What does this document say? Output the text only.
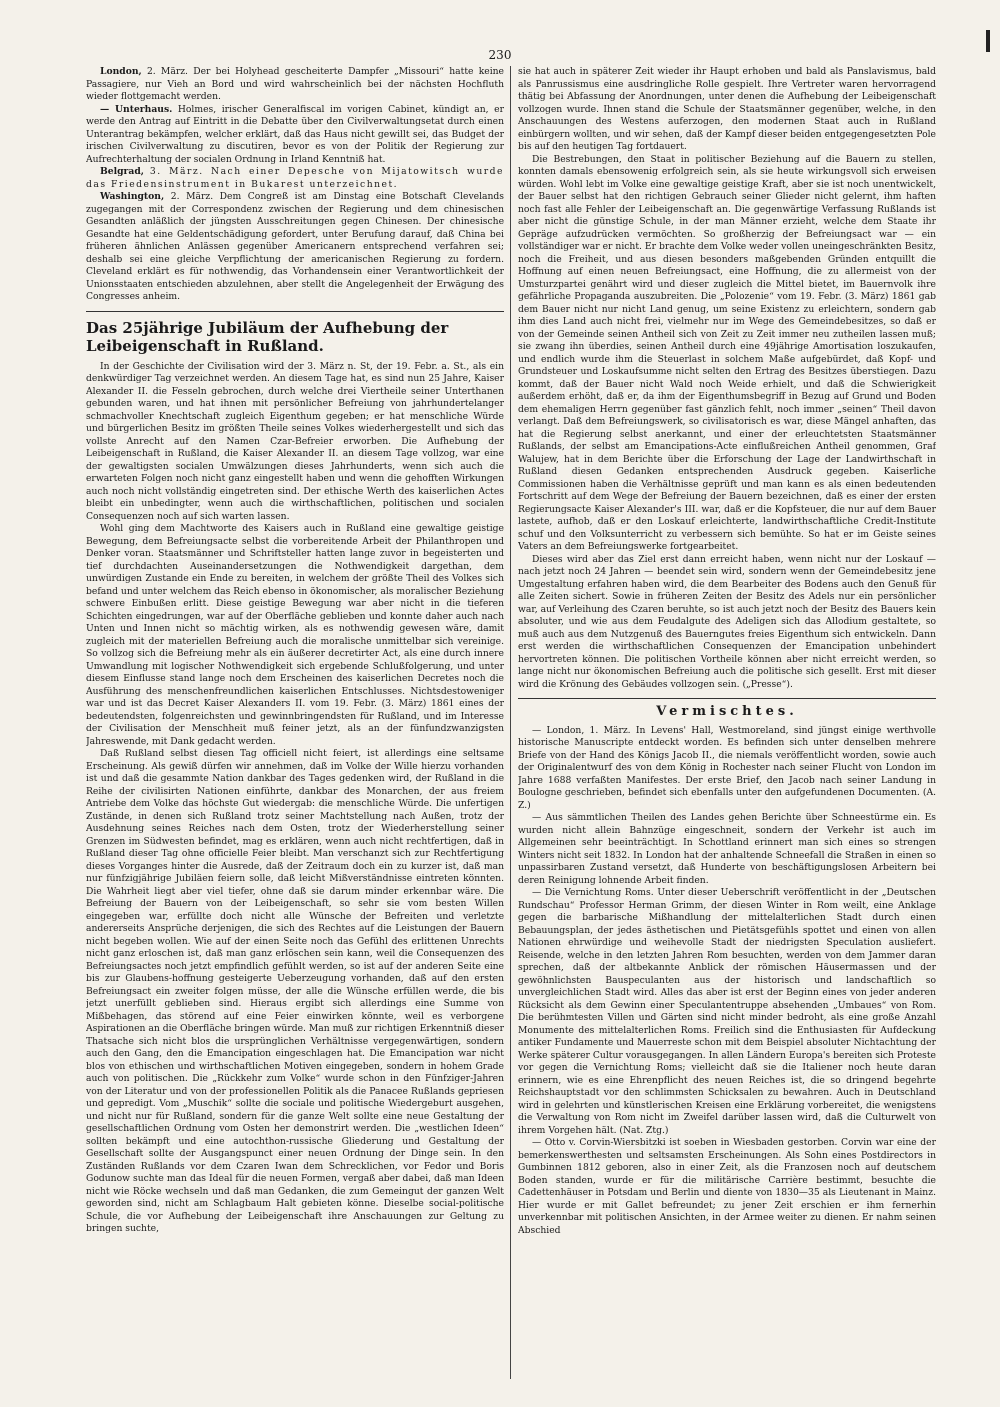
230

London, 2. März. Der bei Holyhead gescheiterte Dampfer „Missouri“ hatte keine Passagiere, nur Vieh an Bord und wird wahrscheinlich bei der nächsten Hochfluth wieder flottgemacht werden.

— Unterhaus. Holmes, irischer Generalfiscal im vorigen Cabinet, kündigt an, er werde den Antrag auf Eintritt in die Debatte über den Civilverwaltungsetat durch einen Unterantrag bekämpfen, welcher erklärt, daß das Haus nicht gewillt sei, das Budget der irischen Civilverwaltung zu discutiren, bevor es von der Politik der Regierung zur Aufrechterhaltung der socialen Ordnung in Irland Kenntniß hat.

Belgrad, 3. März. Nach einer Depesche von Mijatowitsch wurde das Friedensinstrument in Bukarest unterzeichnet.

Washington, 2. März. Dem Congreß ist am Dinstag eine Botschaft Clevelands zugegangen mit der Correspondenz zwischen der Regierung und dem chinesischen Gesandten anläßlich der jüngsten Ausschreitungen gegen Chinesen. Der chinesische Gesandte hat eine Geldentschädigung gefordert, unter Berufung darauf, daß China bei früheren ähnlichen Anlässen gegenüber Americanern entsprechend verfahren sei; deshalb sei eine gleiche Verpflichtung der americanischen Regierung zu fordern. Cleveland erklärt es für nothwendig, das Vorhandensein einer Verantwortlichkeit der Unionsstaaten entschieden abzulehnen, aber stellt die Angelegenheit der Erwägung des Congresses anheim.

Das 25jährige Jubiläum der Aufhebung der Leibeigenschaft in Rußland.

In der Geschichte der Civilisation wird der 3. März n. St, der 19. Febr. a. St., als ein denkwürdiger Tag verzeichnet werden. An diesem Tage hat, es sind nun 25 Jahre, Kaiser Alexander II. die Fesseln gebrochen, durch welche drei Viertheile seiner Unterthanen gebunden waren, und hat ihnen mit persönlicher Befreiung von jahrhundertelanger schmachvoller Knechtschaft zugleich Eigenthum gegeben; er hat menschliche Würde und bürgerlichen Besitz im größten Theile seines Volkes wiederhergestellt und sich das vollste Anrecht auf den Namen Czar-Befreier erworben. Die Aufhebung der Leibeigenschaft in Rußland, die Kaiser Alexander II. an diesem Tage vollzog, war eine der gewaltigsten socialen Umwälzungen dieses Jahrhunderts, wenn sich auch die erwarteten Folgen noch nicht ganz eingestellt haben und wenn die gehofften Wirkungen auch noch nicht vollständig eingetreten sind. Der ethische Werth des kaiserlichen Actes bleibt ein unbedingter, wenn auch die wirthschaftlichen, politischen und socialen Consequenzen noch auf sich warten lassen.

Wohl ging dem Machtworte des Kaisers auch in Rußland eine gewaltige geistige Bewegung, dem Befreiungsacte selbst die vorbereitende Arbeit der Philanthropen und Denker voran. Staatsmänner und Schriftsteller hatten lange zuvor in begeisterten und tief durchdachten Auseinandersetzungen die Nothwendigkeit dargethan, dem unwürdigen Zustande ein Ende zu bereiten, in welchem der größte Theil des Volkes sich befand und unter welchem das Reich ebenso in ökonomischer, als moralischer Beziehung schwere Einbußen erlitt. Diese geistige Bewegung war aber nicht in die tieferen Schichten eingedrungen, war auf der Oberfläche geblieben und konnte daher auch nach Unten und Innen nicht so mächtig wirken, als es nothwendig gewesen wäre, damit zugleich mit der materiellen Befreiung auch die moralische unmittelbar sich vereinige. So vollzog sich die Befreiung mehr als ein äußerer decretirter Act, als eine durch innere Umwandlung mit logischer Nothwendigkeit sich ergebende Schlußfolgerung, und unter diesem Einflusse stand lange noch dem Erscheinen des kaiserlichen Decretes noch die Ausführung des menschenfreundlichen kaiserlichen Entschlusses. Nichtsdestoweniger war und ist das Decret Kaiser Alexanders II. vom 19. Febr. (3. März) 1861 eines der bedeutendsten, folgenreichsten und gewinnbringendsten für Rußland, und im Interesse der Civilisation der Menschheit muß feiner jetzt, als an der fünfundzwanzigsten Jahreswende, mit Dank gedacht werden.

Daß Rußland selbst diesen Tag officiell nicht feiert, ist allerdings eine seltsame Erscheinung. Als gewiß dürfen wir annehmen, daß im Volke der Wille hierzu vorhanden ist und daß die gesammte Nation dankbar des Tages gedenken wird, der Rußland in die Reihe der civilisirten Nationen einführte, dankbar des Monarchen, der aus freiem Antriebe dem Volke das höchste Gut wiedergab: die menschliche Würde. Die unfertigen Zustände, in denen sich Rußland trotz seiner Machtstellung nach Außen, trotz der Ausdehnung seines Reiches nach dem Osten, trotz der Wiederherstellung seiner Grenzen im Südwesten befindet, mag es erklären, wenn auch nicht rechtfertigen, daß in Rußland dieser Tag ohne officielle Feier bleibt. Man verschanzt sich zur Rechtfertigung dieses Vorganges hinter die Ausrede, daß der Zeitraum doch ein zu kurzer ist, daß man nur fünfzigjährige Jubiläen feiern solle, daß leicht Mißverständnisse eintreten könnten. Die Wahrheit liegt aber viel tiefer, ohne daß sie darum minder erkennbar wäre. Die Befreiung der Bauern von der Leibeigenschaft, so sehr sie vom besten Willen eingegeben war, erfüllte doch nicht alle Wünsche der Befreiten und verletzte andererseits Ansprüche derjenigen, die sich des Rechtes auf die Leistungen der Bauern nicht begeben wollen. Wie auf der einen Seite noch das Gefühl des erlittenen Unrechts nicht ganz erloschen ist, daß man ganz erlöschen sein kann, weil die Consequenzen des Befreiungsactes noch jetzt empfindlich gefühlt werden, so ist auf der anderen Seite eine bis zur Glaubens-hoffnung gesteigerte Ueberzeugung vorhanden, daß auf den ersten Befreiungsact ein zweiter folgen müsse, der alle die Wünsche erfüllen werde, die bis jetzt unerfüllt geblieben sind. Hieraus ergibt sich allerdings eine Summe von Mißbehagen, das störend auf eine Feier einwirken könnte, weil es verborgene Aspirationen an die Oberfläche bringen würde. Man muß zur richtigen Erkenntniß dieser Thatsache sich nicht blos die ursprünglichen Verhältnisse vergegenwärtigen, sondern auch den Gang, den die Emancipation eingeschlagen hat. Die Emancipation war nicht blos von ethischen und wirthschaftlichen Motiven eingegeben, sondern in hohem Grade auch von politischen. Die „Rückkehr zum Volke“ wurde schon in den Fünfziger-Jahren von der Literatur und von der professionellen Politik als die Panacee Rußlands gepriesen und gepredigt. Vom „Muschik“ sollte die sociale und politische Wiedergeburt ausgehen, und nicht nur für Rußland, sondern für die ganze Welt sollte eine neue Gestaltung der gesellschaftlichen Ordnung vom Osten her demonstrirt werden. Die „westlichen Ideen“ sollten bekämpft und eine autochthon-russische Gliederung und Gestaltung der Gesellschaft sollte der Ausgangspunct einer neuen Ordnung der Dinge sein. In den Zuständen Rußlands vor dem Czaren Iwan dem Schrecklichen, vor Fedor und Boris Godunow suchte man das Ideal für die neuen Formen, vergaß aber dabei, daß man Ideen nicht wie Röcke wechseln und daß man Gedanken, die zum Gemeingut der ganzen Welt geworden sind, nicht am Schlagbaum Halt gebieten könne. Dieselbe social-politische Schule, die vor Aufhebung der Leibeigenschaft ihre Anschauungen zur Geltung zu bringen suchte,

sie hat auch in späterer Zeit wieder ihr Haupt erhoben und bald als Panslavismus, bald als Panrussismus eine ausdringliche Rolle gespielt. Ihre Vertreter waren hervorragend thätig bei Abfassung der Anordnungen, unter denen die Aufhebung der Leibeigenschaft vollzogen wurde. Ihnen stand die Schule der Staatsmänner gegenüber, welche, in den Anschauungen des Westens auferzogen, den modernen Staat auch in Rußland einbürgern wollten, und wir sehen, daß der Kampf dieser beiden entgegengesetzten Pole bis auf den heutigen Tag fortdauert.

Die Bestrebungen, den Staat in politischer Beziehung auf die Bauern zu stellen, konnten damals ebensowenig erfolgreich sein, als sie heute wirkungsvoll sich erweisen würden. Wohl lebt im Volke eine gewaltige geistige Kraft, aber sie ist noch unentwickelt, der Bauer selbst hat den richtigen Gebrauch seiner Glieder nicht gelernt, ihm haften noch fast alle Fehler der Leibeigenschaft an. Die gegenwärtige Verfassung Rußlands ist aber nicht die günstige Schule, in der man Männer erzieht, welche dem Staate ihr Gepräge aufzudrücken vermöchten. So großherzig der Befreiungsact war — ein vollständiger war er nicht. Er brachte dem Volke weder vollen uneingeschränkten Besitz, noch die Freiheit, und aus diesen besonders maßgebenden Gründen entquillt die Hoffnung auf einen neuen Befreiungsact, eine Hoffnung, die zu allermeist von der Umsturzpartei genährt wird und dieser zugleich die Mittel bietet, im Bauernvolk ihre gefährliche Propaganda auszubreiten. Die „Polozenie“ vom 19. Febr. (3. März) 1861 gab dem Bauer nicht nur nicht Land genug, um seine Existenz zu erleichtern, sondern gab ihm dies Land auch nicht frei, vielmehr nur im Wege des Gemeindebesitzes, so daß er von der Gemeinde seinen Antheil sich von Zeit zu Zeit immer neu zutheilen lassen muß; sie zwang ihn überdies, seinen Antheil durch eine 49jährige Amortisation loszukaufen, und endlich wurde ihm die Steuerlast in solchem Maße aufgebürdet, daß Kopf- und Grundsteuer und Loskaufsumme nicht selten den Ertrag des Besitzes überstiegen. Dazu kommt, daß der Bauer nicht Wald noch Weide erhielt, und daß die Schwierigkeit außerdem erhöht, daß er, da ihm der Eigenthumsbegriff in Bezug auf Grund und Boden dem ehemaligen Herrn gegenüber fast gänzlich fehlt, noch immer „seinen“ Theil davon verlangt. Daß dem Befreiungswerk, so civilisatorisch es war, diese Mängel anhaften, das hat die Regierung selbst anerkannt, und einer der erleuchtetsten Staatsmänner Rußlands, der selbst am Emancipations-Acte einflußreichen Antheil genommen, Graf Walujew, hat in dem Berichte über die Erforschung der Lage der Landwirthschaft in Rußland diesen Gedanken entsprechenden Ausdruck gegeben. Kaiserliche Commissionen haben die Verhältnisse geprüft und man kann es als einen bedeutenden Fortschritt auf dem Wege der Befreiung der Bauern bezeichnen, daß es einer der ersten Regierungsacte Kaiser Alexander's III. war, daß er die Kopfsteuer, die nur auf dem Bauer lastete, aufhob, daß er den Loskauf erleichterte, landwirthschaftliche Credit-Institute schuf und den Volksunterricht zu verbessern sich bemühte. So hat er im Geiste seines Vaters an dem Befreiungswerke fortgearbeitet.

Dieses wird aber das Ziel erst dann erreicht haben, wenn nicht nur der Loskauf — nach jetzt noch 24 Jahren — beendet sein wird, sondern wenn der Gemeindebesitz jene Umgestaltung erfahren haben wird, die dem Bearbeiter des Bodens auch den Genuß für alle Zeiten sichert. Sowie in früheren Zeiten der Besitz des Adels nur ein persönlicher war, auf Verleihung des Czaren beruhte, so ist auch jetzt noch der Besitz des Bauers kein absoluter, und wie aus dem Feudalgute des Adeligen sich das Allodium gestaltete, so muß auch aus dem Nutzgenuß des Bauerngutes freies Eigenthum sich entwickeln. Dann erst werden die wirthschaftlichen Consequenzen der Emancipation unbehindert hervortreten können. Die politischen Vortheile können aber nicht erreicht werden, so lange nicht nur ökonomischen Befreiung auch die politische sich gesellt. Erst mit dieser wird die Krönung des Gebäudes vollzogen sein. („Presse“).

Vermischtes.

— London, 1. März. In Levens' Hall, Westmoreland, sind jüngst einige werthvolle historische Manuscripte entdeckt worden. Es befinden sich unter denselben mehrere Briefe von der Hand des Königs Jacob II., die niemals veröffentlicht worden, sowie auch der Originalentwurf des von dem König in Rochester nach seiner Flucht von London im Jahre 1688 verfaßten Manifestes. Der erste Brief, den Jacob nach seiner Landung in Boulogne geschrieben, befindet sich ebenfalls unter den aufgefundenen Documenten. (A. Z.)

— Aus sämmtlichen Theilen des Landes gehen Berichte über Schneestürme ein. Es wurden nicht allein Bahnzüge eingeschneit, sondern der Verkehr ist auch im Allgemeinen sehr beeinträchtigt. In Schottland erinnert man sich eines so strengen Winters nicht seit 1832. In London hat der anhaltende Schneefall die Straßen in einen so unpassirbaren Zustand versetzt, daß Hunderte von beschäftigungslosen Arbeitern bei deren Reinigung lohnende Arbeit finden.

— Die Vernichtung Roms. Unter dieser Ueberschrift veröffentlicht in der „Deutschen Rundschau“ Professor Herman Grimm, der diesen Winter in Rom weilt, eine Anklage gegen die barbarische Mißhandlung der mittelalterlichen Stadt durch einen Bebauungsplan, der jedes ästhetischen und Pietätsgefühls spottet und einen von allen Nationen ehrwürdige und weihevolle Stadt der niedrigsten Speculation ausliefert. Reisende, welche in den letzten Jahren Rom besuchten, werden von dem Jammer daran sprechen, daß der altbekannte Anblick der römischen Häusermassen und der gewöhnlichsten Bauspeculanten aus der historisch und landschaftlich so unvergleichlichen Stadt wird. Alles das aber ist erst der Beginn eines von jeder anderen Rücksicht als dem Gewinn einer Speculantentruppe absehenden „Umbaues“ von Rom. Die berühmtesten Villen und Gärten sind nicht minder bedroht, als eine große Anzahl Monumente des mittelalterlichen Roms. Freilich sind die Enthusiasten für Aufdeckung antiker Fundamente und Mauerreste schon mit dem Beispiel absoluter Nichtachtung der Werke späterer Cultur vorausgegangen. In allen Ländern Europa's bereiten sich Proteste vor gegen die Vernichtung Roms; vielleicht daß sie die Italiener noch heute daran erinnern, wie es eine Ehrenpflicht des neuen Reiches ist, die so dringend begehrte Reichshauptstadt vor den schlimmsten Schicksalen zu bewahren. Auch in Deutschland wird in gelehrten und künstlerischen Kreisen eine Erklärung vorbereitet, die wenigstens die Verwaltung von Rom nicht im Zweifel darüber lassen wird, daß die Culturwelt von ihrem Vorgehen hält. (Nat. Ztg.)

— Otto v. Corvin-Wiersbitzki ist soeben in Wiesbaden gestorben. Corvin war eine der bemerkenswerthesten und seltsamsten Erscheinungen. Als Sohn eines Postdirectors in Gumbinnen 1812 geboren, also in einer Zeit, als die Franzosen noch auf deutschem Boden standen, wurde er für die militärische Carrière bestimmt, besuchte die Cadettenhäuser in Potsdam und Berlin und diente von 1830—35 als Lieutenant in Mainz. Hier wurde er mit Gallet befreundet; zu jener Zeit erschien er ihm fernerhin unverkennbar mit politischen Ansichten, in der Armee weiter zu dienen. Er nahm seinen Abschied
